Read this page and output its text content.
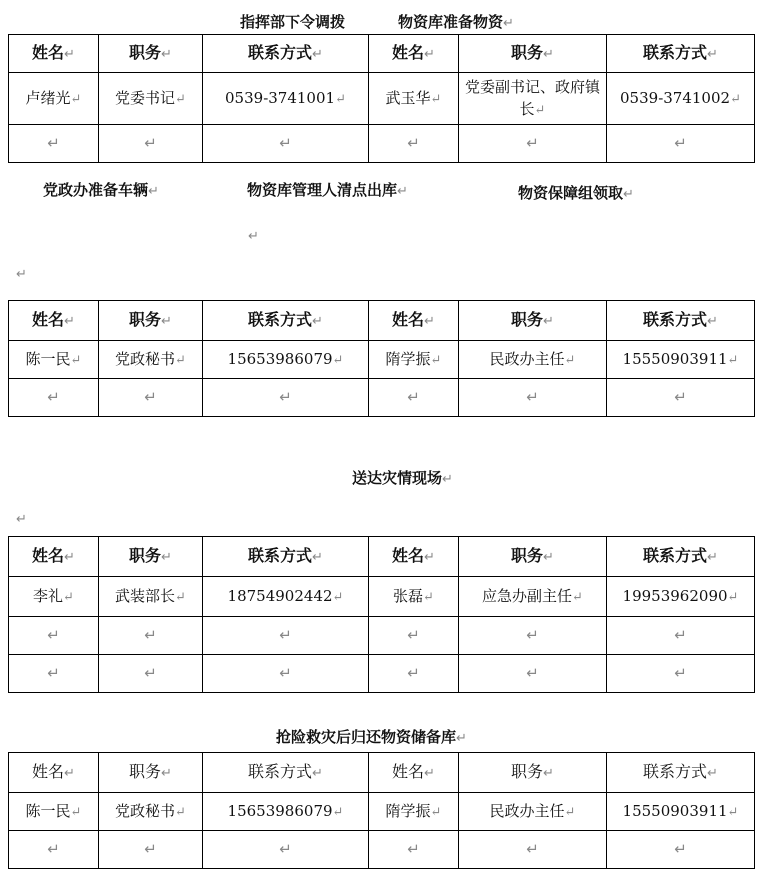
指挥部下令调拨	物资库准备物资↵
姓名↵	职务↵	联系方式↵	姓名↵	职务↵	联系方式↵
卢绪光↵	党委书记↵	0539-3741001↵	武玉华↵	党委副书记、政府镇长↵	0539-3741002↵
↵	↵	↵	↵	↵	↵
党政办准备车辆↵	物资库管理人清点出库↵	物资保障组领取↵
↵
↵
姓名↵	职务↵	联系方式↵	姓名↵	职务↵	联系方式↵
陈一民↵	党政秘书↵	15653986079↵	隋学振↵	民政办主任↵	15550903911↵
↵	↵	↵	↵	↵	↵
送达灾情现场↵
↵
姓名↵	职务↵	联系方式↵	姓名↵	职务↵	联系方式↵
李礼↵	武装部长↵	18754902442↵	张磊↵	应急办副主任↵	19953962090↵
↵	↵	↵	↵	↵	↵
↵	↵	↵	↵	↵	↵
抢险救灾后归还物资储备库↵
姓名↵	职务↵	联系方式↵	姓名↵	职务↵	联系方式↵
陈一民↵	党政秘书↵	15653986079↵	隋学振↵	民政办主任↵	15550903911↵
↵	↵	↵	↵	↵	↵
